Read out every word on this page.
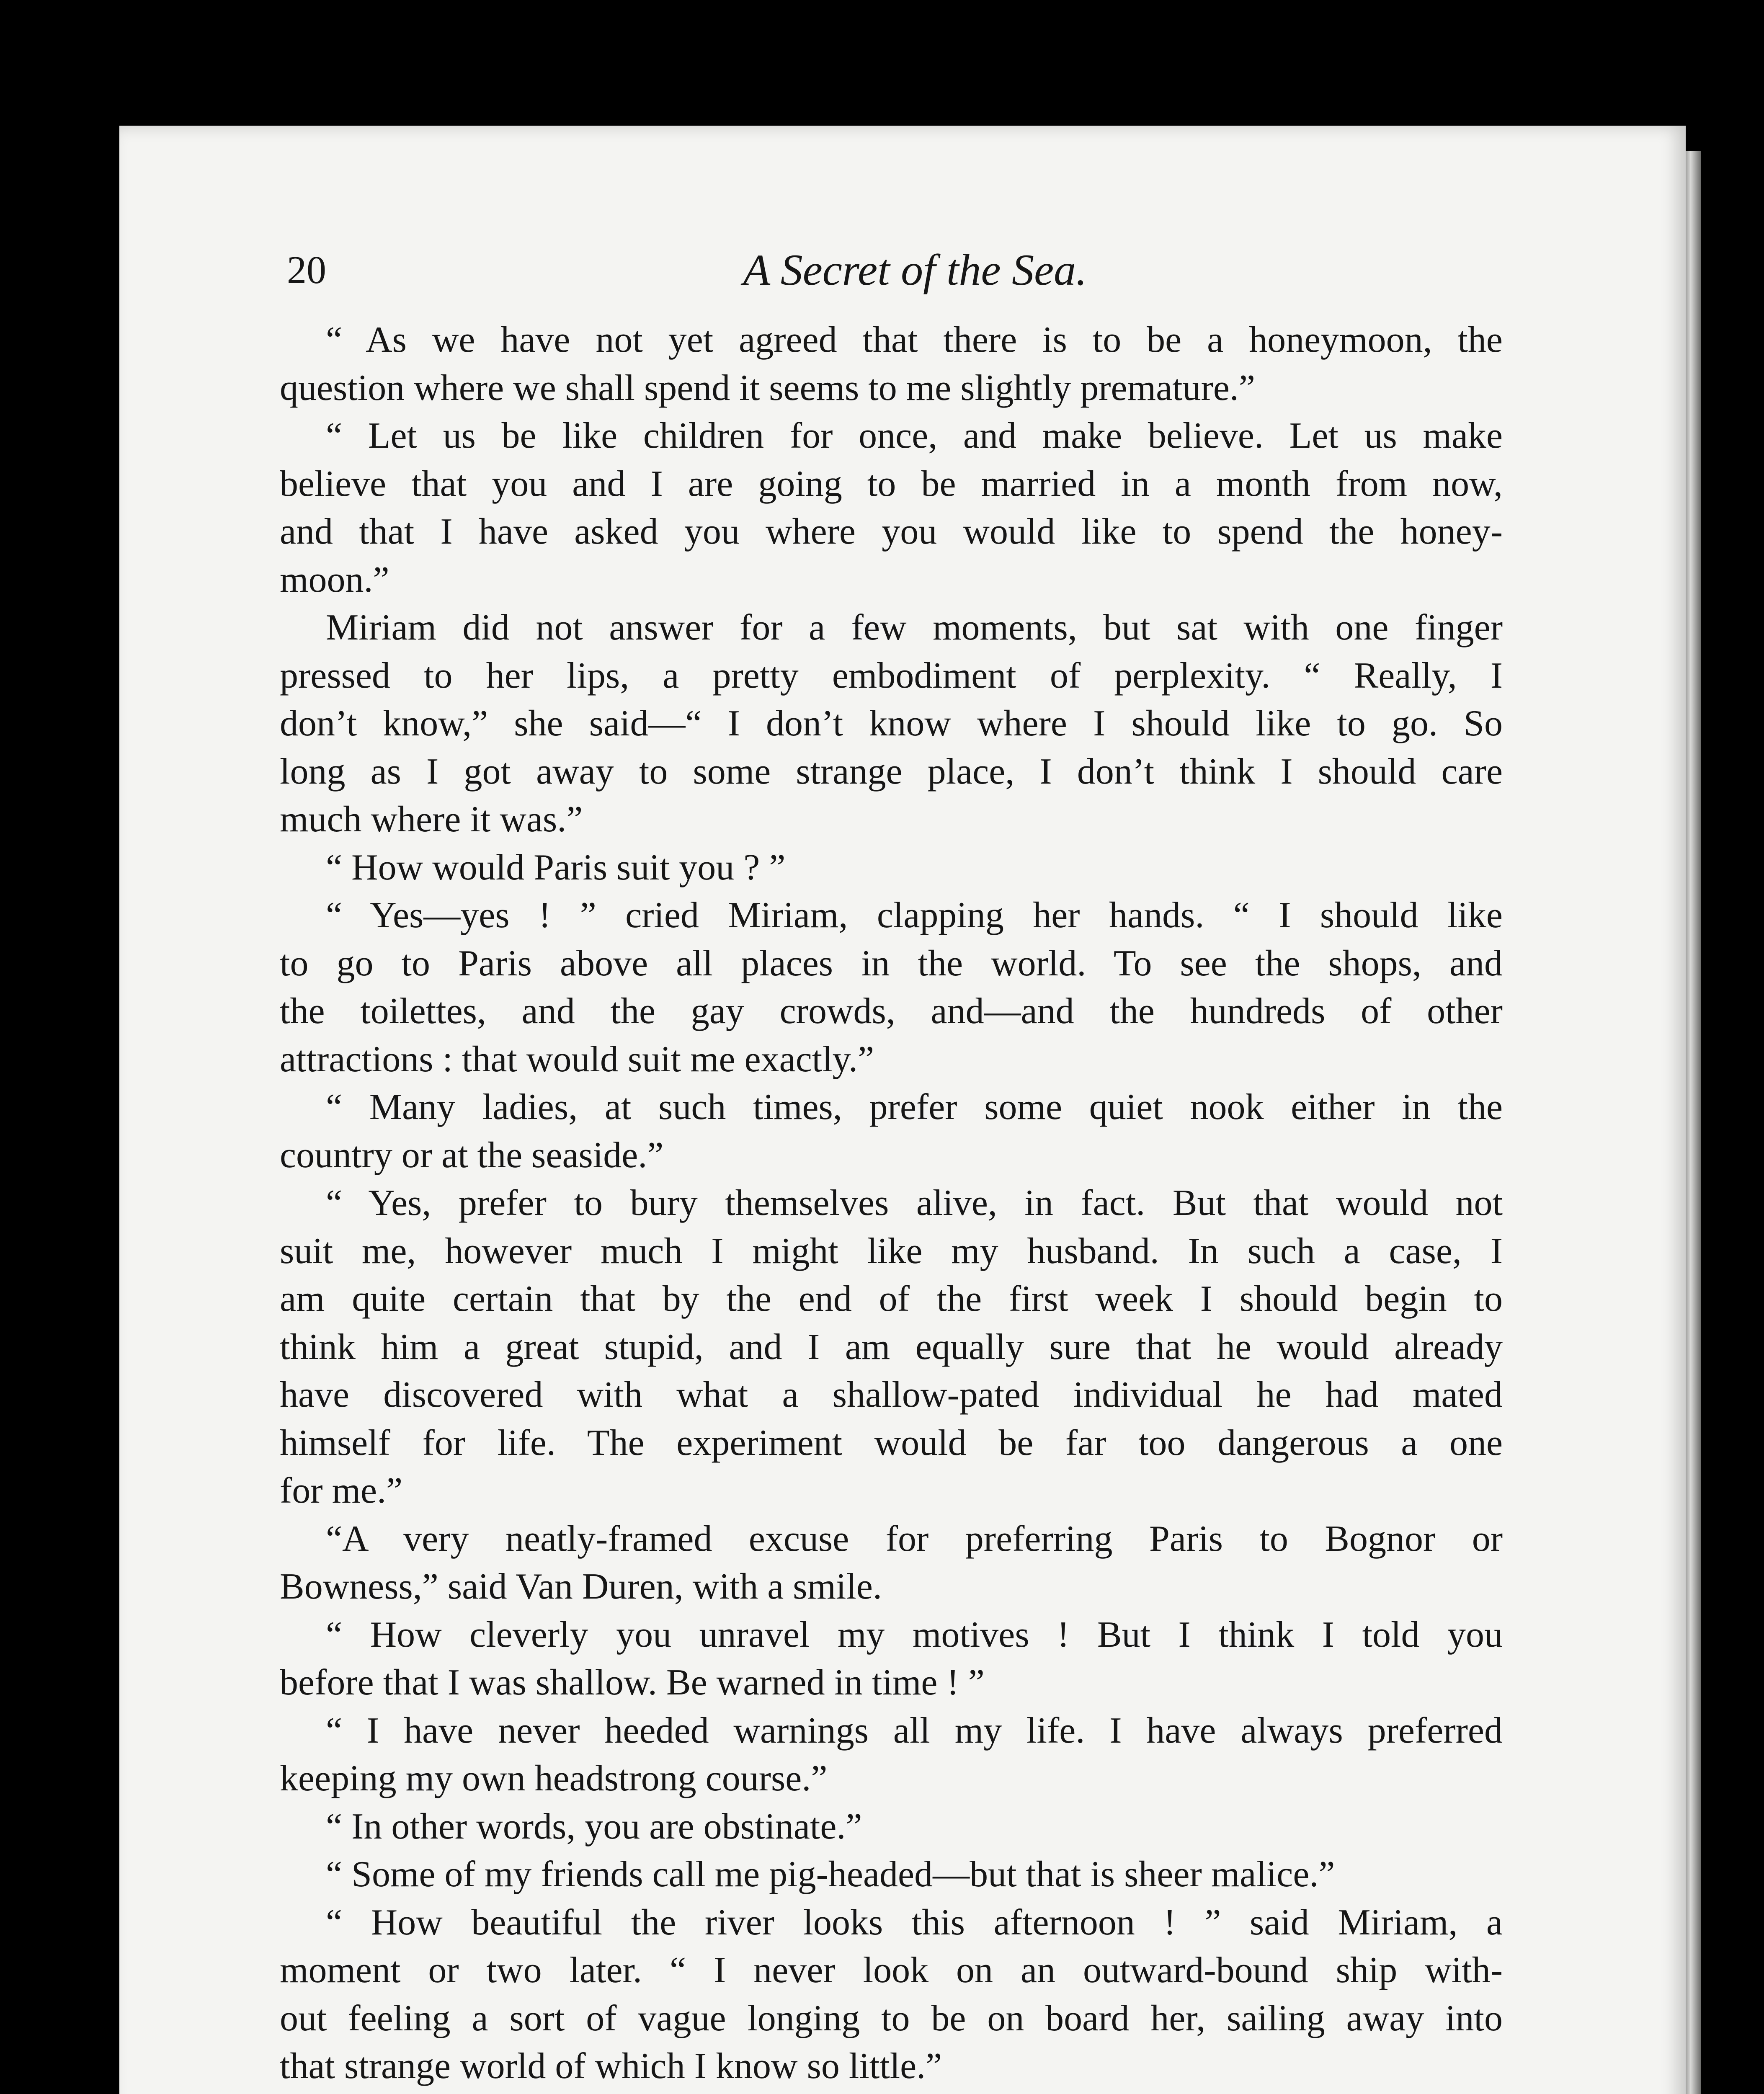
20	A Secret of the Sea.
“ As we have not yet agreed that there is to be a honeymoon, the
question where we shall spend it seems to me slightly premature.”
“ Let us be like children for once, and make believe. Let us make
believe that you and I are going to be married in a month from now,
and that I have asked you where you would like to spend the honey-
moon.”
Miriam did not answer for a few moments, but sat with one finger
pressed to her lips, a pretty embodiment of perplexity. “ Really, I
don’t know,” she said—“ I don’t know where I should like to go. So
long as I got away to some strange place, I don’t think I should care
much where it was.”
“ How would Paris suit you ? ”
“ Yes—yes ! ” cried Miriam, clapping her hands. “ I should like
to go to Paris above all places in the world. To see the shops, and
the toilettes, and the gay crowds, and—and the hundreds of other
attractions : that would suit me exactly.”
“ Many ladies, at such times, prefer some quiet nook either in the
country or at the seaside.”
“ Yes, prefer to bury themselves alive, in fact. But that would not
suit me, however much I might like my husband. In such a case, I
am quite certain that by the end of the first week I should begin to
think him a great stupid, and I am equally sure that he would already
have discovered with what a shallow-pated individual he had mated
himself for life. The experiment would be far too dangerous a one
for me.”
“A very neatly-framed excuse for preferring Paris to Bognor or
Bowness,” said Van Duren, with a smile.
“ How cleverly you unravel my motives ! But I think I told you
before that I was shallow. Be warned in time ! ”
“ I have never heeded warnings all my life. I have always preferred
keeping my own headstrong course.”
“ In other words, you are obstinate.”
“ Some of my friends call me pig-headed—but that is sheer malice.”
“ How beautiful the river looks this afternoon ! ” said Miriam, a
moment or two later. “ I never look on an outward-bound ship with-
out feeling a sort of vague longing to be on board her, sailing away into
that strange world of which I know so little.”
